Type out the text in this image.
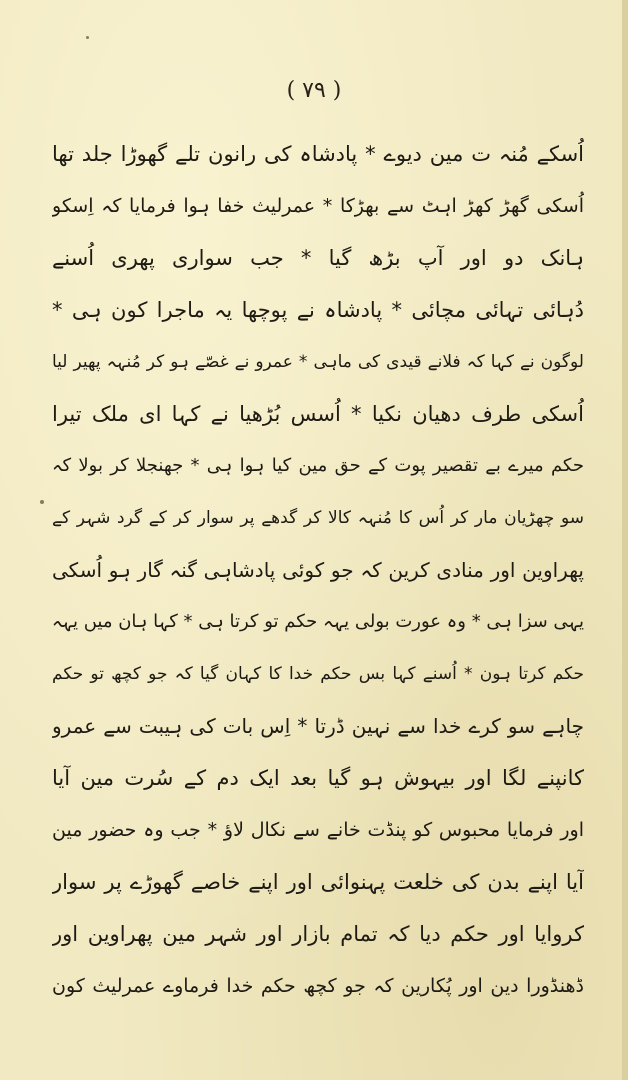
( ٧٩ )
اُسکے مُنہ ت مین دیوے * پادشاہ کی رانون تلے گھوڑا جلد تھا
اُسکی گھڑ کھڑ اہٹ سے بھڑکا * عمرلیث خفا ہوا فرمایا کہ اِسکو
ہانک دو اور آپ بڑھ گیا * جب سواری پھری اُسنے
دُہائی تہائی مچائی * پادشاہ نے پوچھا یہ ماجرا کون ہی *
لوگون نے کہا کہ فلانے قیدی کی ماہی * عمرو نے غصّے ہو کر مُنہہ پھیر لیا
اُسکی طرف دھیان نکیا * اُسس بُڑھیا نے کہا ای ملک تیرا
حکم میرے بے تقصیر پوت کے حق مین کیا ہوا ہی * جھنجلا کر بولا کہ
سو چھڑیان مار کر اُس کا مُنہہ کالا کر گدھے پر سوار کر کے گرد شہر کے
پھراوین اور منادی کرین کہ جو کوئی پادشاہی گنہ گار ہو اُسکی
یہی سزا ہی * وہ عورت بولی یہہ حکم تو کرتا ہی * کہا ہان میں یہہ
حکم کرتا ہون * اُسنے کہا بس حکم خدا کا کہان گیا کہ جو کچھ تو حکم
چاہے سو کرے خدا سے نہین ڈرتا * اِس بات کی ہیبت سے عمرو
کانپنے لگا اور بیہوش ہو گیا بعد ایک دم کے سُرت مین آیا
اور فرمایا محبوس کو پنڈت خانے سے نکال لاؤ * جب وہ حضور مین
آیا اپنے بدن کی خلعت پہنوائی اور اپنے خاصے گھوڑے پر سوار
کروایا اور حکم دیا کہ تمام بازار اور شہر مین پھراوین اور
ڈھنڈورا دین اور پُکارین کہ جو کچھ حکم خدا فرماوے عمرلیث کون
